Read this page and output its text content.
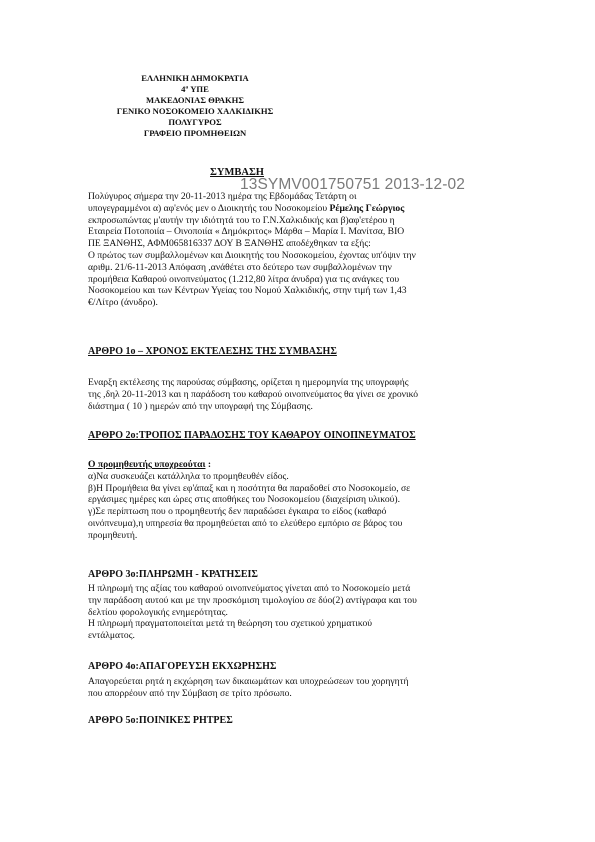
ΕΛΛΗΝΙΚΗ ΔΗΜΟΚΡΑΤΙΑ
4ª ΥΠΕ
ΜΑΚΕΔΟΝΙΑΣ ΘΡΑΚΗΣ
ΓΕΝΙΚΟ ΝΟΣΟΚΟΜΕΙΟ ΧΑΛΚΙΔΙΚΗΣ
ΠΟΛΥΓΥΡΟΣ
ΓΡΑΦΕΙΟ ΠΡΟΜΗΘΕΙΩΝ
ΣΥΜΒΑΣΗ
13SYMV001750751 2013-12-02
Πολύγυρος σήμερα την 20-11-2013 ημέρα της Εβδομάδας Τετάρτη οι
υπογεγραμμένοι α) αφ'ενός μεν ο Διοικητής του Νοσοκομείου Ρέμελης Γεώργιος
εκπροσωπώντας μ'αυτήν την ιδιότητά του το Γ.Ν.Χαλκιδικής και β)αφ'ετέρου η
Εταιρεία Ποτοποιία – Οινοποιία « Δημόκριτος» Μάρθα – Μαρία Ι. Μανίτσα, ΒΙΟ
ΠΕ ΞΑΝΘΗΣ, ΑΦΜ065816337 ΔΟΥ Β ΞΑΝΘΗΣ αποδέχθηκαν τα εξής:
Ο πρώτος των συμβαλλομένων και Διοικητής του Νοσοκομείου, έχοντας υπ'όψιν την
αριθμ. 21/6-11-2013 Απόφαση ,ανάθέτει στο δεύτερο των συμβαλλομένων την
προμήθεια Καθαρού οινοπνεύματος (1.212,80 λίτρα άνυδρα) για τις ανάγκες του
Νοσοκομείου και των Κέντρων Υγείας του Νομού Χαλκιδικής, στην τιμή των 1,43
€/Λίτρο (άνυδρο).
ΑΡΘΡΟ 1ο – ΧΡΟΝΟΣ ΕΚΤΕΛΕΣΗΣ ΤΗΣ ΣΥΜΒΑΣΗΣ
Εναρξη εκτέλεσης της παρούσας σύμβασης, ορίζεται η ημερομηνία της υπογραφής
της ,δηλ 20-11-2013 και η παράδοση του καθαρού οινοπνεύματος θα γίνει σε χρονικό
διάστημα ( 10 ) ημερών από την υπογραφή της Σύμβασης.
ΑΡΘΡΟ 2ο:ΤΡΟΠΟΣ ΠΑΡΑΔΟΣΗΣ ΤΟΥ ΚΑΘΑΡΟΥ ΟΙΝΟΠΝΕΥΜΑΤΟΣ
Ο προμηθευτής υποχρεούται :
α)Να συσκευάζει κατάλληλα το προμηθευθέν είδος.
β)Η Προμήθεια θα γίνει εφ'άπαξ και η ποσότητα θα παραδοθεί στο Νοσοκομείο, σε
εργάσιμες ημέρες και ώρες στις αποθήκες του Νοσοκομείου (διαχείριση υλικού).
γ)Σε περίπτωση που ο προμηθευτής δεν παραδώσει έγκαιρα το είδος (καθαρό
οινόπνευμα),η υπηρεσία θα προμηθεύεται από το ελεύθερο εμπόριο σε βάρος του
προμηθευτή.
ΑΡΘΡΟ 3ο:ΠΛΗΡΩΜΗ - ΚΡΑΤΗΣΕΙΣ
Η πληρωμή της αξίας του καθαρού οινοπνεύματος γίνεται από το Νοσοκομείο μετά
την παράδοση αυτού και με την προσκόμιση τιμολογίου σε δύο(2) αντίγραφα και του
δελτίου φορολογικής ενημερότητας.
Η πληρωμή πραγματοποιείται μετά τη θεώρηση του σχετικού χρηματικού
εντάλματος.
ΑΡΘΡΟ 4ο:ΑΠΑΓΟΡΕΥΣΗ ΕΚΧΩΡΗΣΗΣ
Απαγορεύεται ρητά η εκχώρηση των δικαιωμάτων και υποχρεώσεων του χορηγητή
που απορρέουν από την Σύμβαση σε τρίτο πρόσωπο.
ΑΡΘΡΟ 5ο:ΠΟΙΝΙΚΕΣ ΡΗΤΡΕΣ
